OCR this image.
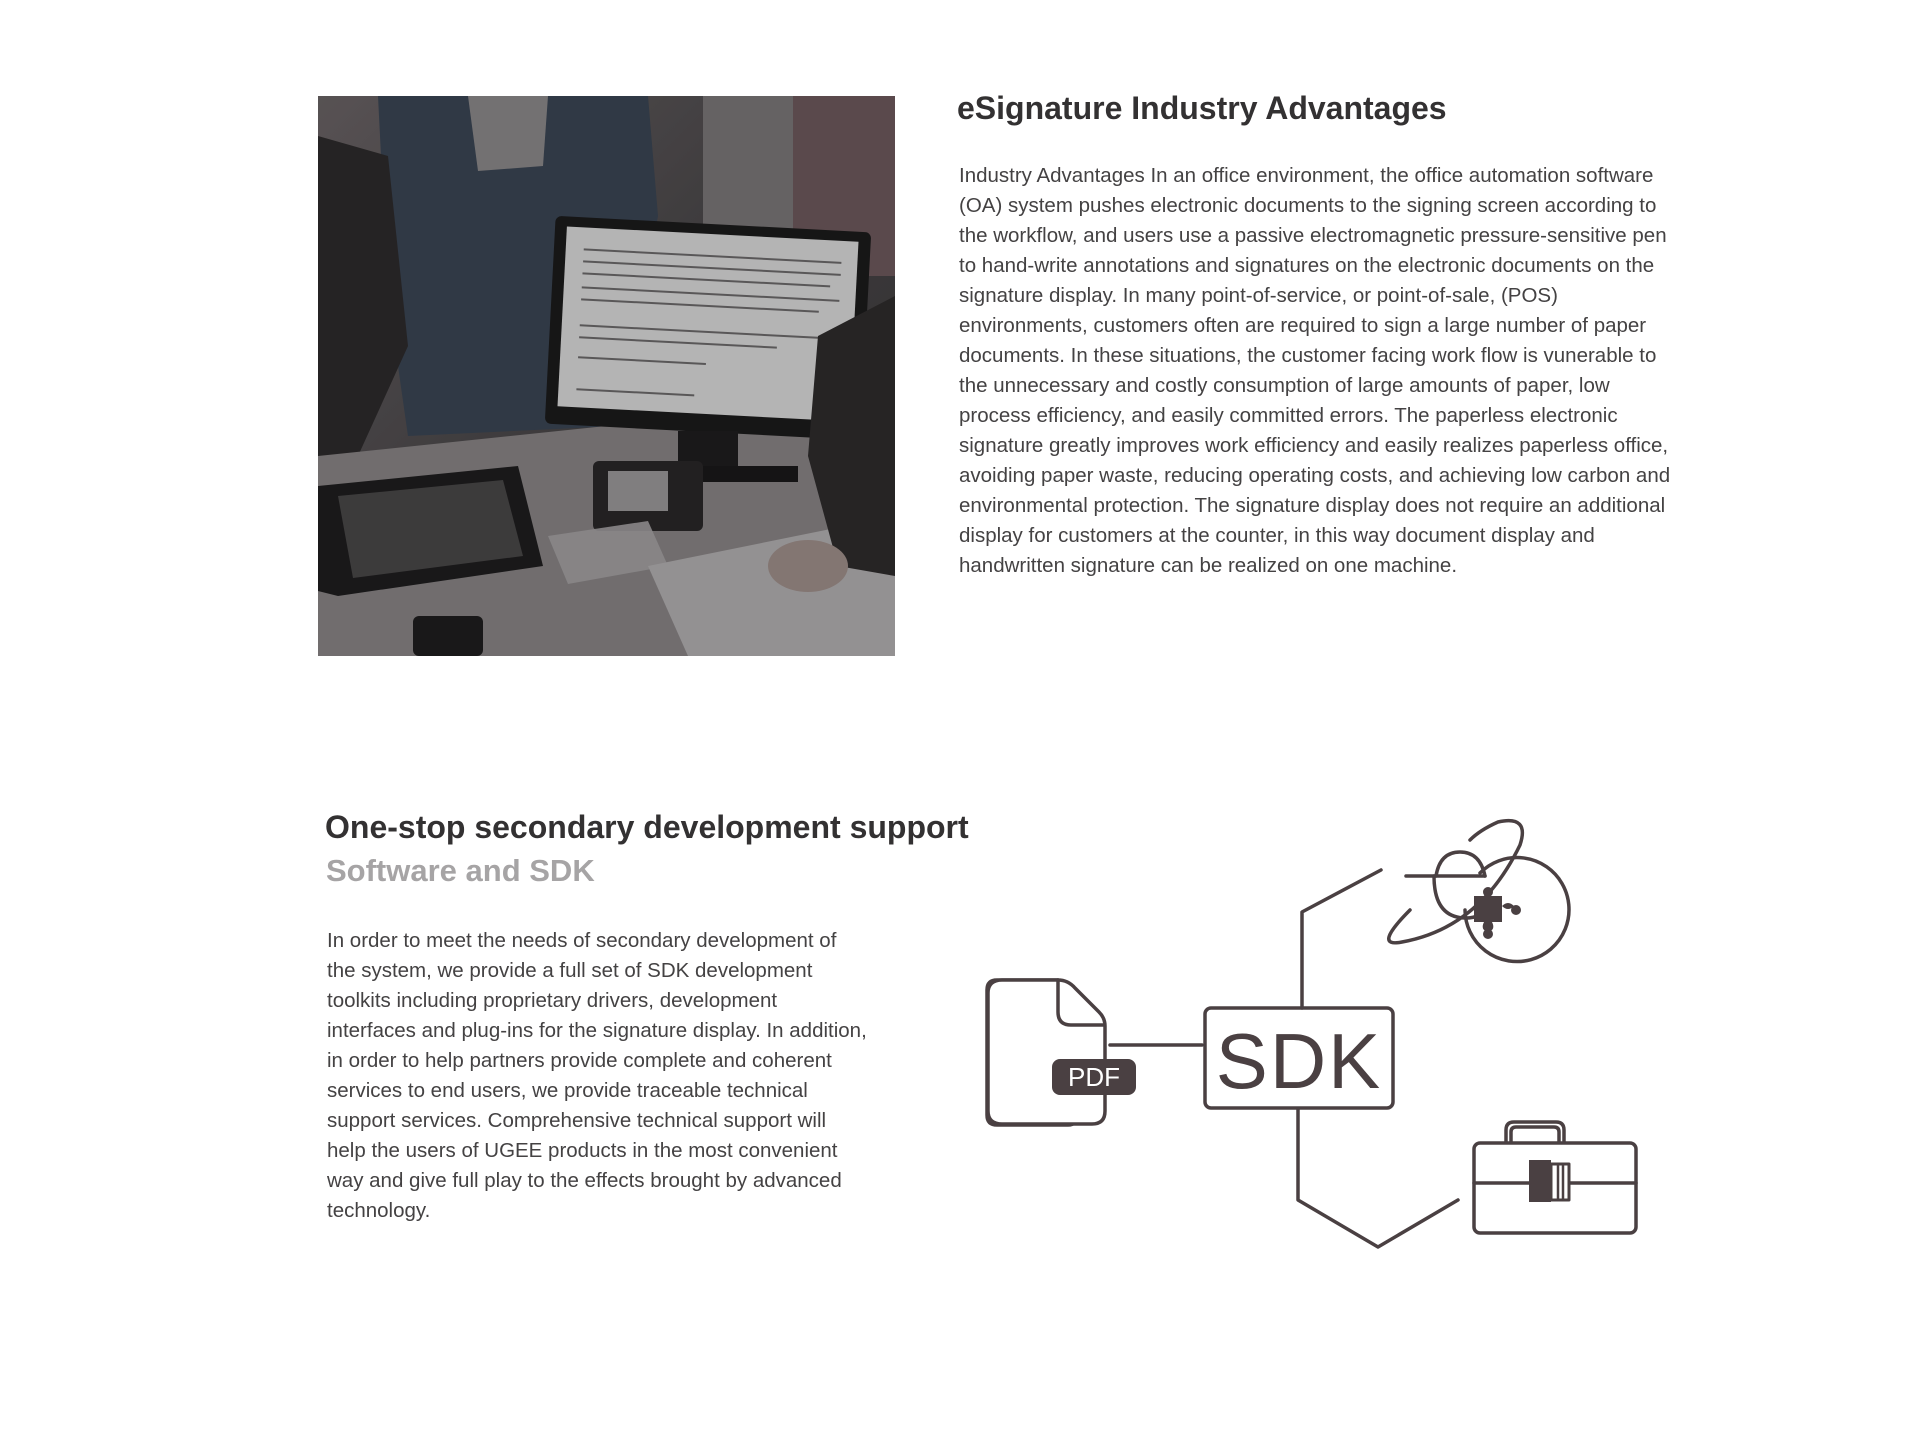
eSignature Industry Advantages

Industry Advantages In an office environment, the office automation software (OA) system pushes electronic documents to the signing screen according to the workflow, and users use a passive electromagnetic pressure-sensitive pen to hand-write annotations and signatures on the electronic documents on the signature display. In many point-of-service, or point-of-sale, (POS) environments, customers often are required to sign a large number of paper documents. In these situations, the customer facing work flow is vunerable to the unnecessary and costly consumption of large amounts of paper, low process efficiency, and easily committed errors. The paperless electronic signature greatly improves work efficiency and easily realizes paperless office, avoiding paper waste, reducing operating costs, and achieving low carbon and environmental protection. The signature display does not require an additional display for customers at the counter, in this way document display and handwritten signature can be realized on one machine.

One-stop secondary development support
Software and SDK

In order to meet the needs of secondary development of the system, we provide a full set of SDK development toolkits including proprietary drivers, development interfaces and plug-ins for the signature display. In addition, in order to help partners provide complete and coherent services to end users, we provide traceable technical support services. Comprehensive technical support will help the users of UGEE products in the most convenient way and give full play to the effects brought by advanced technology.

PDF SDK
